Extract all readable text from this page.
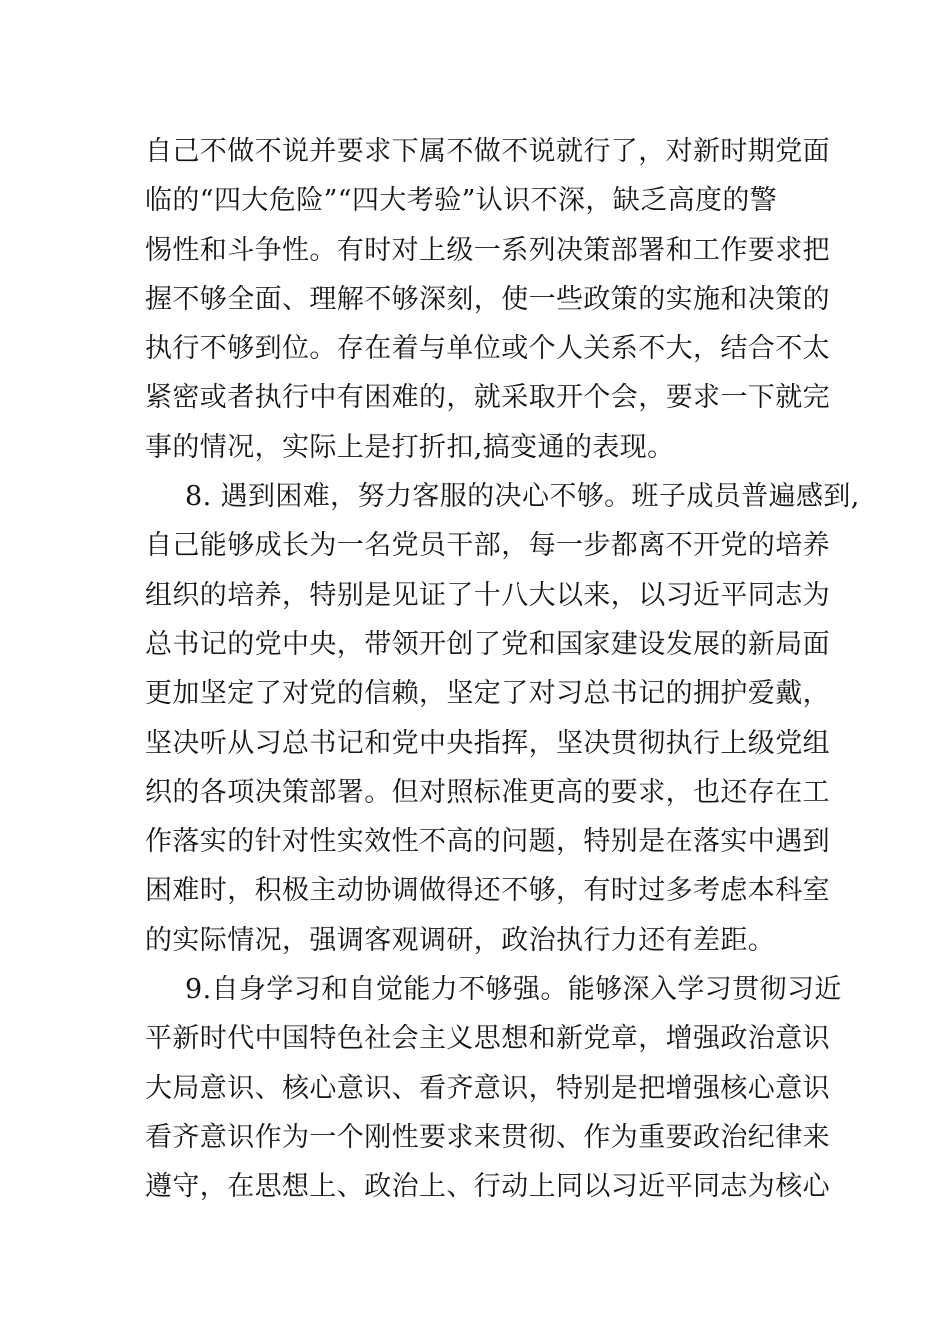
自己不做不说并要求下属不做不说就行了，对新时期党面
临的“四大危险”“四大考验”认识不深，缺乏高度的警
惕性和斗争性。有时对上级一系列决策部署和工作要求把
握不够全面、理解不够深刻，使一些政策的实施和决策的
执行不够到位。存在着与单位或个人关系不大，结合不太
紧密或者执行中有困难的，就采取开个会，要求一下就完
事的情况，实际上是打折扣,搞变通的表现。
8. 遇到困难，努力客服的决心不够。班子成员普遍感到,
自己能够成长为一名党员干部，每一步都离不开党的培养
组织的培养，特别是见证了十八大以来，以习近平同志为
总书记的党中央，带领开创了党和国家建设发展的新局面
更加坚定了对党的信赖，坚定了对习总书记的拥护爱戴，
坚决听从习总书记和党中央指挥，坚决贯彻执行上级党组
织的各项决策部署。但对照标准更高的要求，也还存在工
作落实的针对性实效性不高的问题，特别是在落实中遇到
困难时，积极主动协调做得还不够，有时过多考虑本科室
的实际情况，强调客观调研，政治执行力还有差距。
9.自身学习和自觉能力不够强。能够深入学习贯彻习近
平新时代中国特色社会主义思想和新党章，增强政治意识
大局意识、核心意识、看齐意识，特别是把增强核心意识
看齐意识作为一个刚性要求来贯彻、作为重要政治纪律来
遵守，在思想上、政治上、行动上同以习近平同志为核心
